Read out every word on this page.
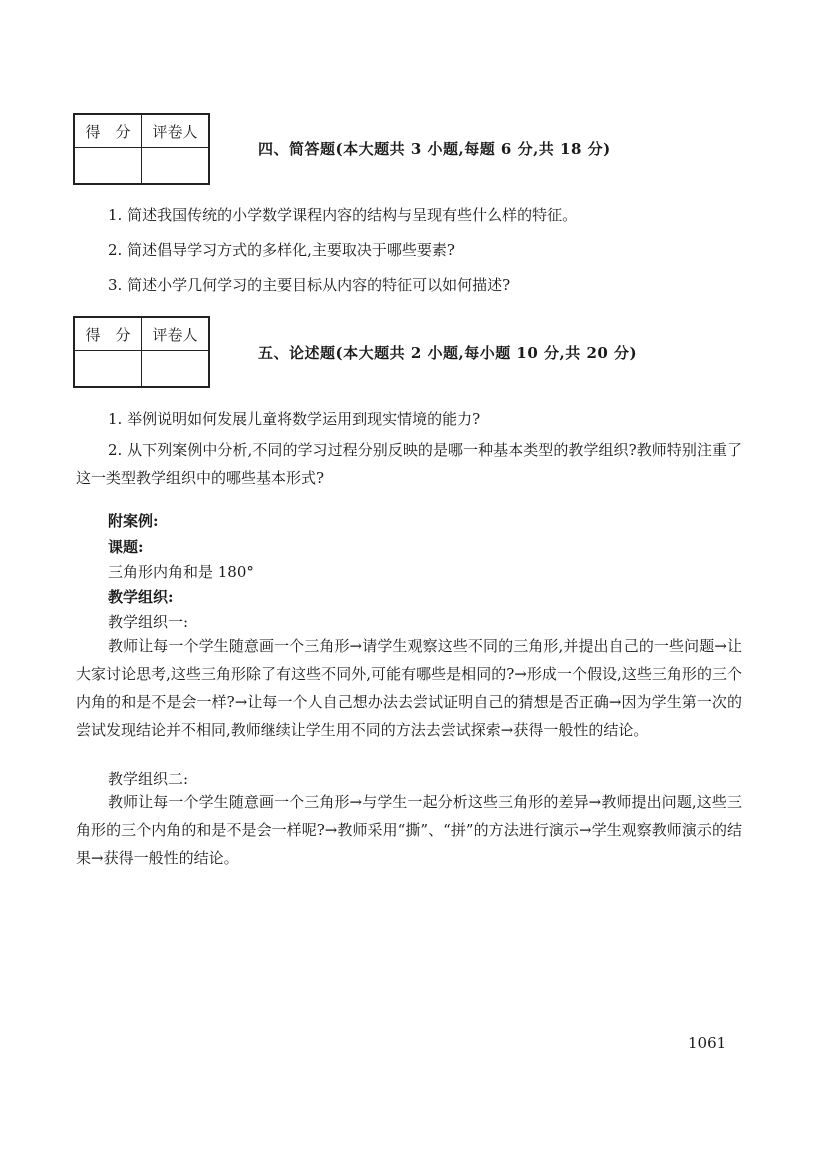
得　分	评卷人

四、简答题(本大题共 3 小题,每题 6 分,共 18 分)
1. 简述我国传统的小学数学课程内容的结构与呈现有些什么样的特征。
2. 简述倡导学习方式的多样化,主要取决于哪些要素?
3. 简述小学几何学习的主要目标从内容的特征可以如何描述?
得　分	评卷人

五、论述题(本大题共 2 小题,每小题 10 分,共 20 分)
1. 举例说明如何发展儿童将数学运用到现实情境的能力?
2. 从下列案例中分析,不同的学习过程分别反映的是哪一种基本类型的教学组织?教师特别注重了这一类型教学组织中的哪些基本形式?
附案例:
课题:
三角形内角和是 180°
教学组织:
教学组织一:
教师让每一个学生随意画一个三角形→请学生观察这些不同的三角形,并提出自己的一些问题→让大家讨论思考,这些三角形除了有这些不同外,可能有哪些是相同的?→形成一个假设,这些三角形的三个内角的和是不是会一样?→让每一个人自己想办法去尝试证明自己的猜想是否正确→因为学生第一次的尝试发现结论并不相同,教师继续让学生用不同的方法去尝试探索→获得一般性的结论。
教学组织二:
教师让每一个学生随意画一个三角形→与学生一起分析这些三角形的差异→教师提出问题,这些三角形的三个内角的和是不是会一样呢?→教师采用“撕”、“拼”的方法进行演示→学生观察教师演示的结果→获得一般性的结论。
1061
